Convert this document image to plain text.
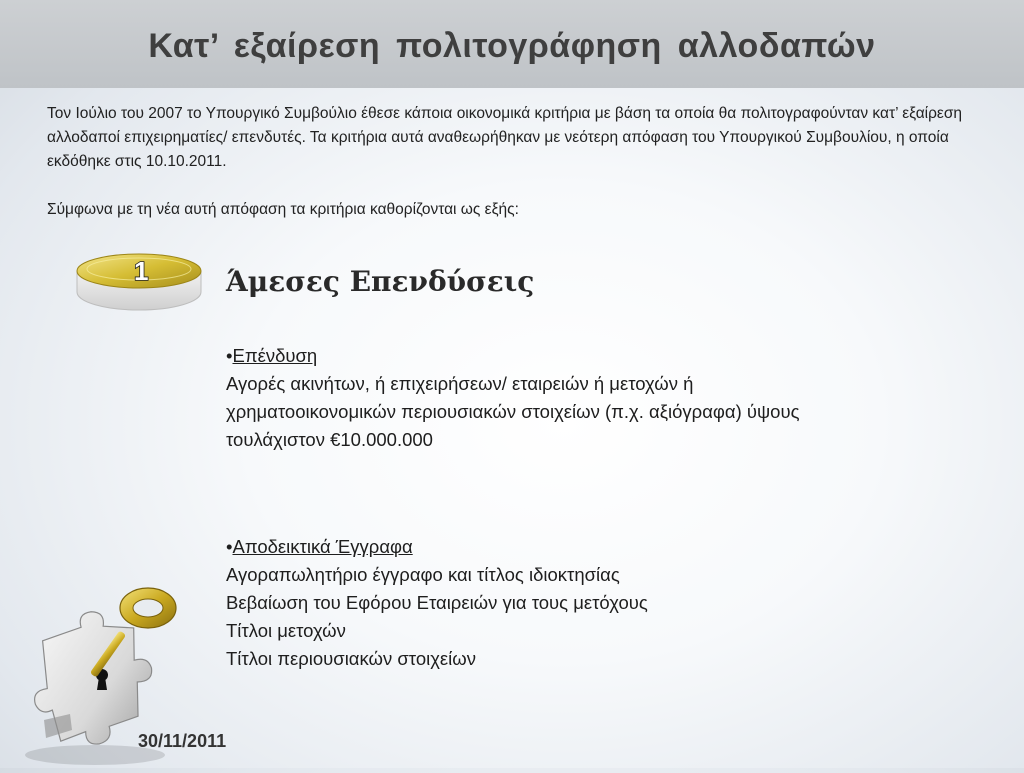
Κατ’ εξαίρεση πολιτογράφηση αλλοδαπών

Τον Ιούλιο του 2007 το Υπουργικό Συμβούλιο έθεσε κάποια οικονομικά κριτήρια με βάση τα οποία θα πολιτογραφούνταν κατ’ εξαίρεση αλλοδαποί επιχειρηματίες/ επενδυτές. Τα κριτήρια αυτά αναθεωρήθηκαν με νεότερη απόφαση του Υπουργικού Συμβουλίου, η οποία εκδόθηκε στις 10.10.2011.

Σύμφωνα με τη νέα αυτή απόφαση τα κριτήρια καθορίζονται ως εξής:

1	Άμεσες Επενδύσεις

•Επένδυση

Αγορές ακινήτων, ή επιχειρήσεων/ εταιρειών ή μετοχών ή

χρηματοοικονομικών περιουσιακών στοιχείων (π.χ. αξιόγραφα) ύψους

τουλάχιστον €10.000.000

•Αποδεικτικά Έγγραφα

Αγοραπωλητήριο έγγραφο και τίτλος ιδιοκτησίας

Βεβαίωση του Εφόρου Εταιρειών για τους μετόχους

Τίτλοι μετοχών

Τίτλοι περιουσιακών στοιχείων

30/11/2011
